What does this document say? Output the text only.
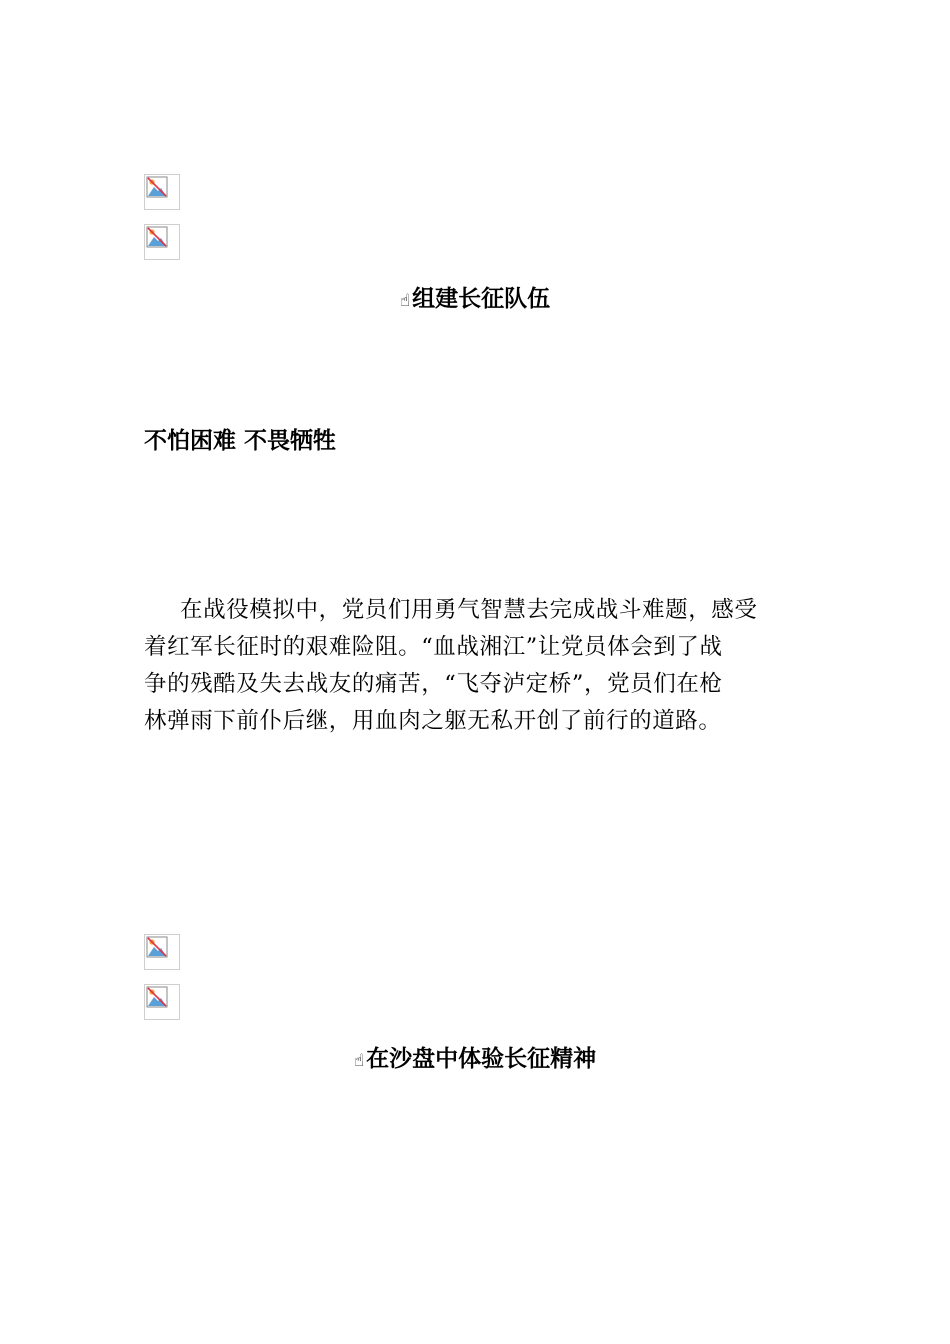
☝组建长征队伍
不怕困难 不畏牺牲
在战役模拟中，党员们用勇气智慧去完成战斗难题，感受
着红军长征时的艰难险阻。“血战湘江”让党员体会到了战
争的残酷及失去战友的痛苦，“飞夺泸定桥”，党员们在枪
林弹雨下前仆后继，用血肉之躯无私开创了前行的道路。
☝在沙盘中体验长征精神
